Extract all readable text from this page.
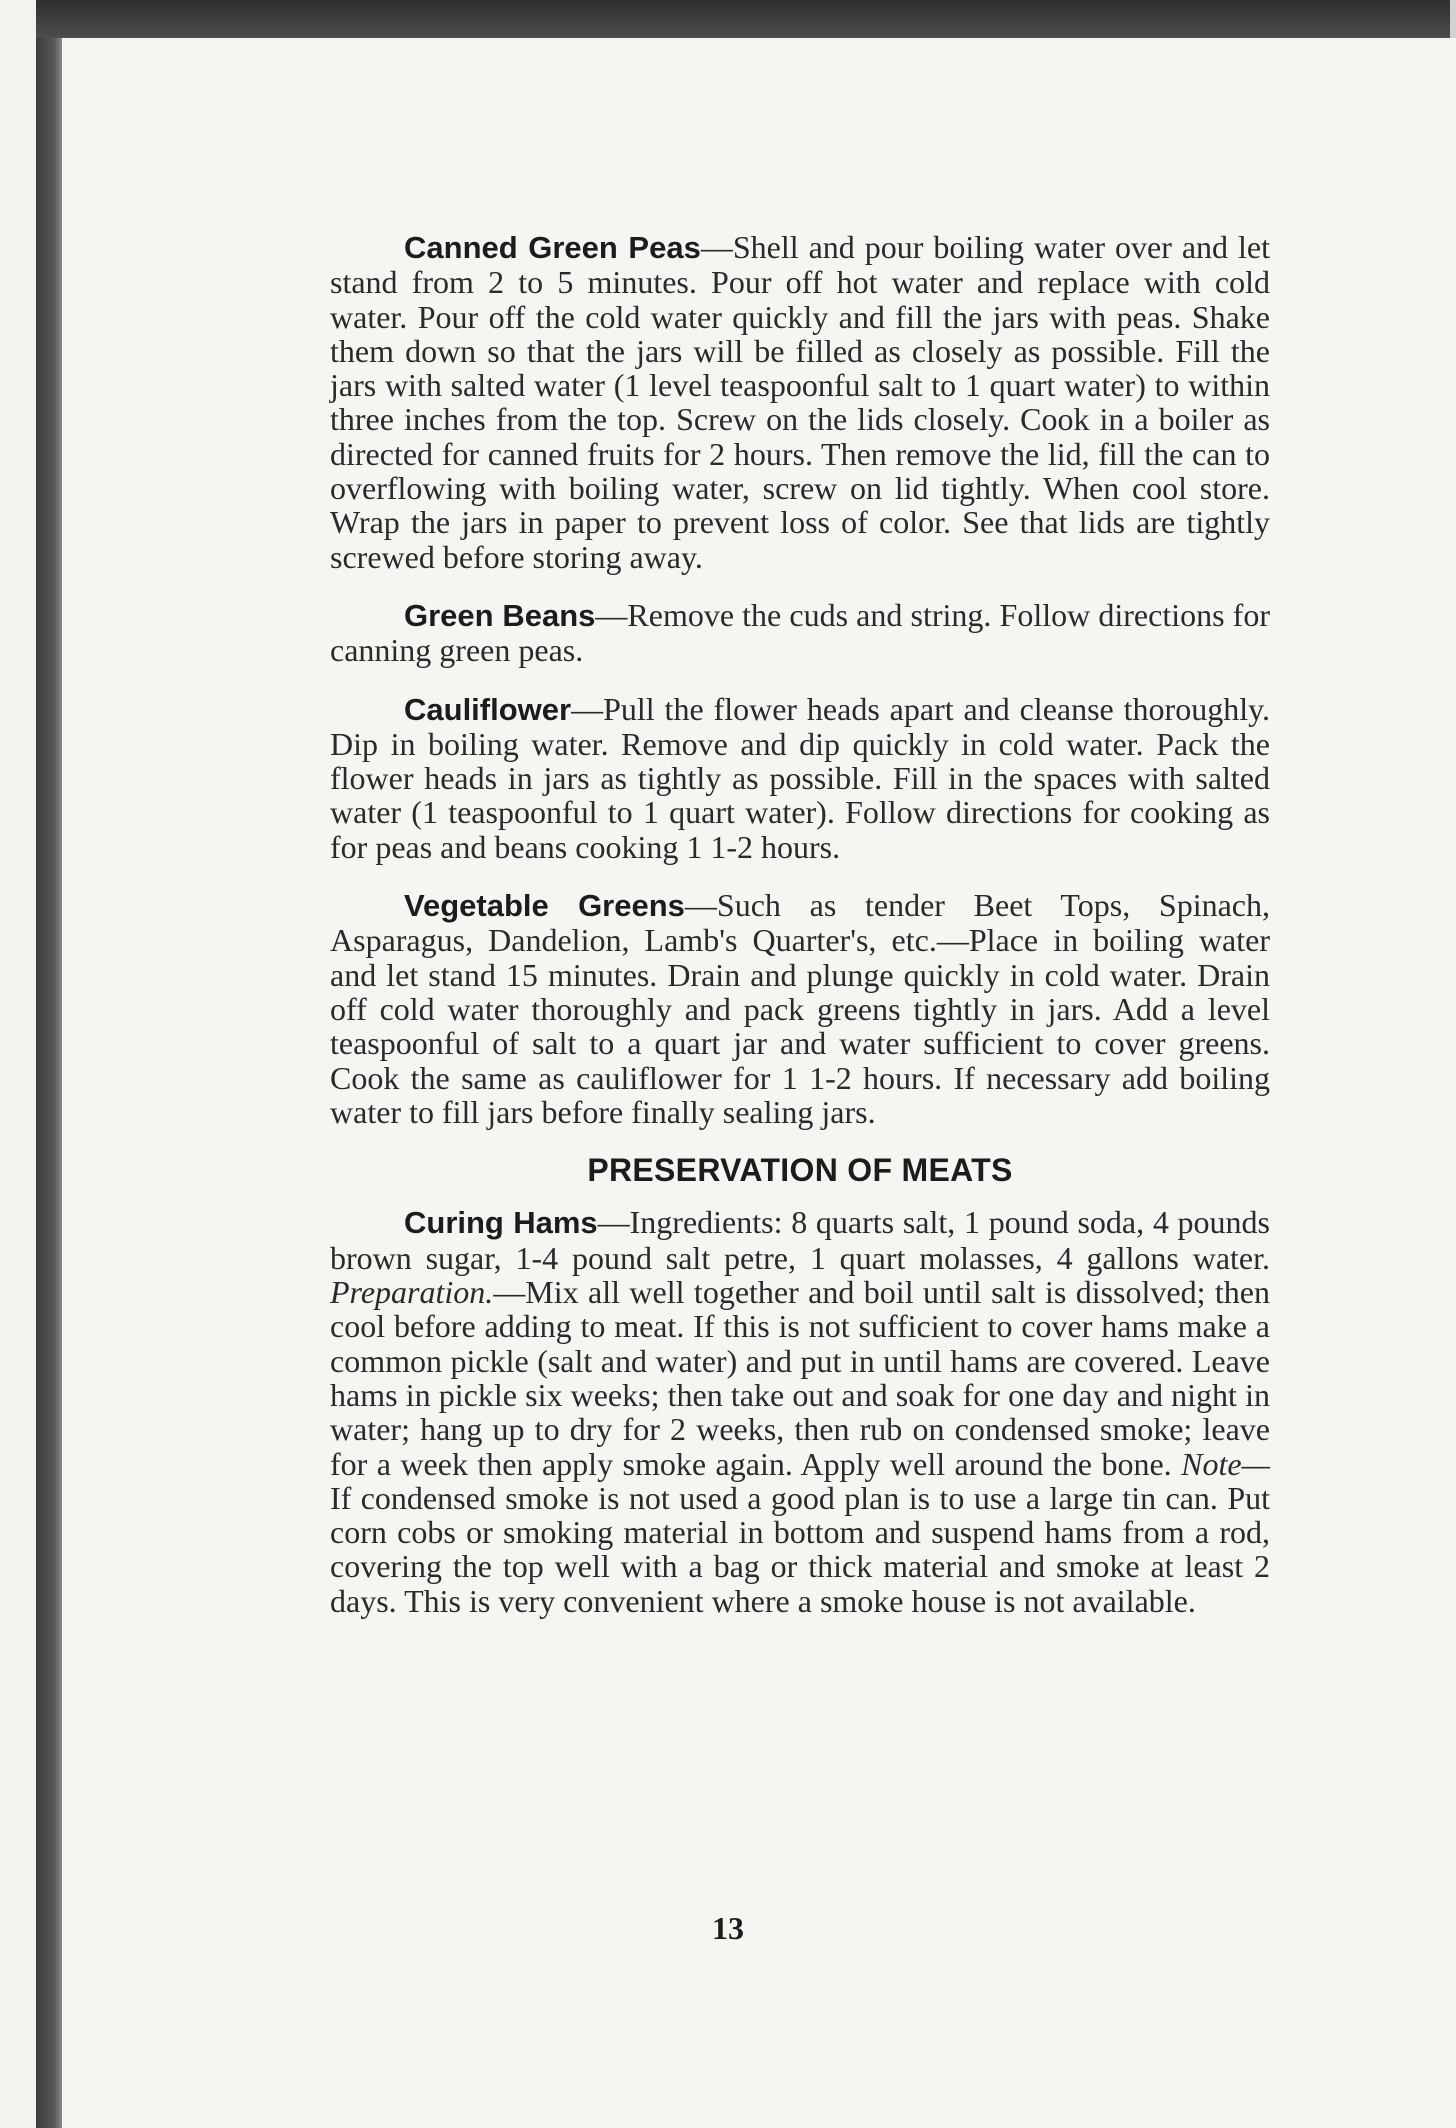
Canned Green Peas—Shell and pour boiling water over and let stand from 2 to 5 minutes. Pour off hot water and replace with cold water. Pour off the cold water quickly and fill the jars with peas. Shake them down so that the jars will be filled as closely as possible. Fill the jars with salted water (1 level teaspoonful salt to 1 quart water) to within three inches from the top. Screw on the lids closely. Cook in a boiler as directed for canned fruits for 2 hours. Then remove the lid, fill the can to overflowing with boiling water, screw on lid tightly. When cool store. Wrap the jars in paper to prevent loss of color. See that lids are tightly screwed before storing away.

Green Beans—Remove the cuds and string. Follow directions for canning green peas.

Cauliflower—Pull the flower heads apart and cleanse thoroughly. Dip in boiling water. Remove and dip quickly in cold water. Pack the flower heads in jars as tightly as possible. Fill in the spaces with salted water (1 teaspoonful to 1 quart water). Follow directions for cooking as for peas and beans cooking 1 1-2 hours.

Vegetable Greens—Such as tender Beet Tops, Spinach, Asparagus, Dandelion, Lamb's Quarter's, etc.—Place in boiling water and let stand 15 minutes. Drain and plunge quickly in cold water. Drain off cold water thoroughly and pack greens tightly in jars. Add a level teaspoonful of salt to a quart jar and water sufficient to cover greens. Cook the same as cauliflower for 1 1-2 hours. If necessary add boiling water to fill jars before finally sealing jars.

PRESERVATION OF MEATS

Curing Hams—Ingredients: 8 quarts salt, 1 pound soda, 4 pounds brown sugar, 1-4 pound salt petre, 1 quart molasses, 4 gallons water. Preparation.—Mix all well together and boil until salt is dissolved; then cool before adding to meat. If this is not sufficient to cover hams make a common pickle (salt and water) and put in until hams are covered. Leave hams in pickle six weeks; then take out and soak for one day and night in water; hang up to dry for 2 weeks, then rub on condensed smoke; leave for a week then apply smoke again. Apply well around the bone. Note— If condensed smoke is not used a good plan is to use a large tin can. Put corn cobs or smoking material in bottom and suspend hams from a rod, covering the top well with a bag or thick material and smoke at least 2 days. This is very convenient where a smoke house is not available.

13
